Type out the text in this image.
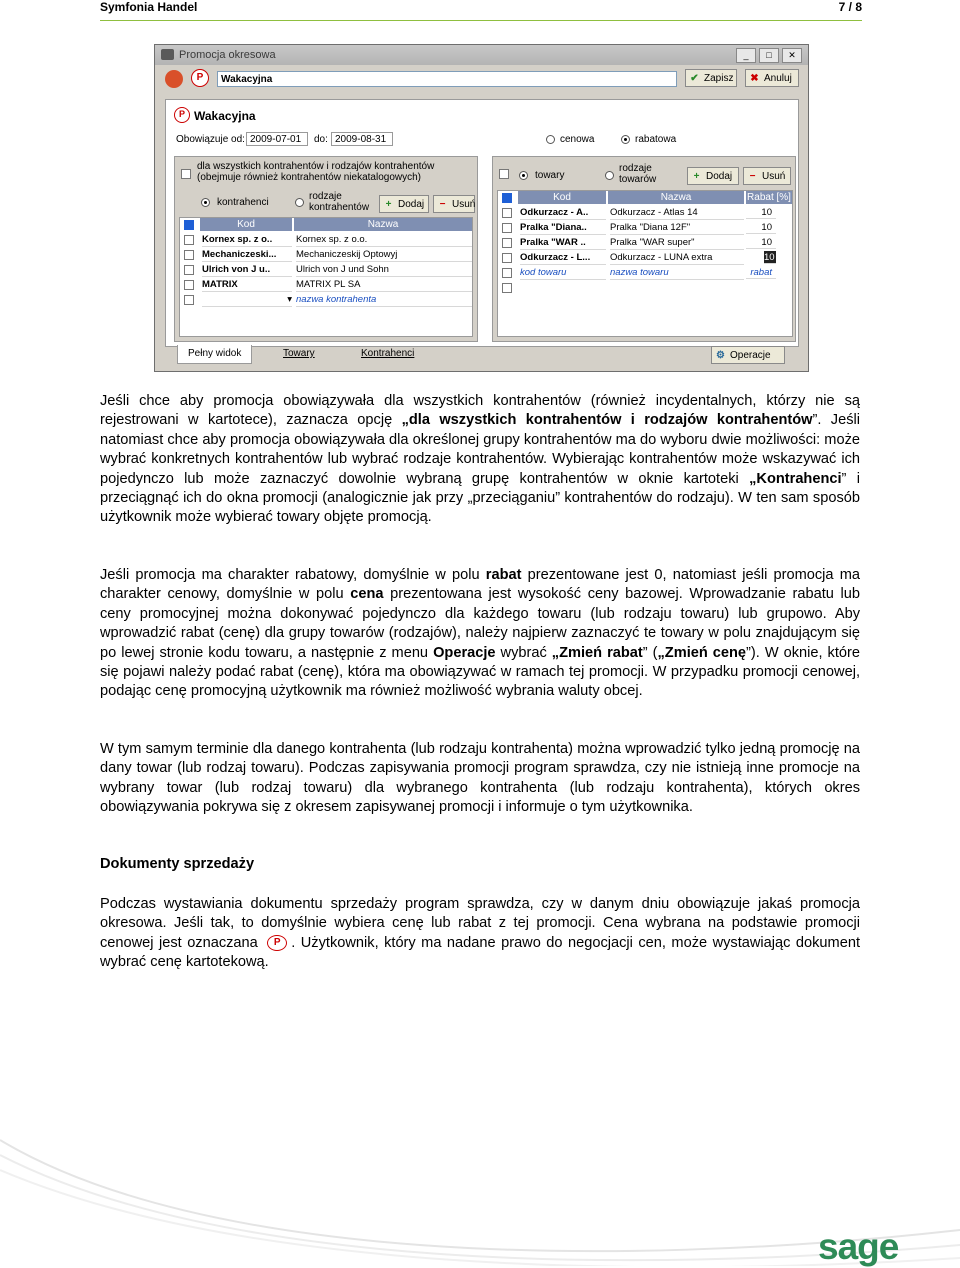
Symfonia Handel	7 / 8
Promocja okresowa	_	□	✕
P	Wakacyjna	✔ Zapisz	✖ Anuluj
P Wakacyjna
Obowiązuje od: 2009-07-01	do: 2009-08-31	cenowa	rabatowa
dla wszystkich kontrahentów i rodzajów kontrahentów
(obejmuje również kontrahentów niekatalogowych)
kontrahenci
rodzaje
kontrahentów + Dodaj	− Usuń
Kod	Nazwa
Kornex sp. z o..	Kornex sp. z o.o.
Mechaniczeski...	Mechaniczeskij Optowyj
Ulrich von J u..	Ulrich von J und Sohn
MATRIX	MATRIX PL SA
▾ nazwa kontrahenta
towary
rodzaje
towarów	+ Dodaj	− Usuń
Kod	Nazwa	Rabat [%]
Odkurzacz - A..	Odkurzacz - Atlas 14	10
Pralka "Diana..	Pralka "Diana 12F"	10
Pralka "WAR ..	Pralka "WAR super"	10
Odkurzacz - L...	Odkurzacz - LUNA extra	10
kod towaru	nazwa towaru	rabat
Pełny widok	Towary	Kontrahenci	⚙ Operacje

Jeśli chce aby promocja obowiązywała dla wszystkich kontrahentów (również incydentalnych, którzy nie są rejestrowani w kartotece), zaznacza opcję „dla wszystkich kontrahentów i rodzajów kontrahentów”. Jeśli natomiast chce aby promocja obowiązywała dla określonej grupy kontrahentów ma do wyboru dwie możliwości: może wybrać konkretnych kontrahentów lub wybrać rodzaje kontrahentów. Wybierając kontrahentów może wskazywać ich pojedynczo lub może zaznaczyć dowolnie wybraną grupę kontrahentów w oknie kartoteki „Kontrahenci” i przeciągnąć ich do okna promocji (analogicznie jak przy „przeciąganiu” kontrahentów do rodzaju). W ten sam sposób użytkownik może wybierać towary objęte promocją.

Jeśli promocja ma charakter rabatowy, domyślnie w polu rabat prezentowane jest 0, natomiast jeśli promocja ma charakter cenowy, domyślnie w polu cena prezentowana jest wysokość ceny bazowej. Wprowadzanie rabatu lub ceny promocyjnej można dokonywać pojedynczo dla każdego towaru (lub rodzaju towaru) lub grupowo. Aby wprowadzić rabat (cenę) dla grupy towarów (rodzajów), należy najpierw zaznaczyć te towary w polu znajdującym się po lewej stronie kodu towaru, a następnie z menu Operacje wybrać „Zmień rabat” („Zmień cenę”). W oknie, które się pojawi należy podać rabat (cenę), która ma obowiązywać w ramach tej promocji. W przypadku promocji cenowej, podając cenę promocyjną użytkownik ma również możliwość wybrania waluty obcej.

W tym samym terminie dla danego kontrahenta (lub rodzaju kontrahenta) można wprowadzić tylko jedną promocję na dany towar (lub rodzaj towaru). Podczas zapisywania promocji program sprawdza, czy nie istnieją inne promocje na wybrany towar (lub rodzaj towaru) dla wybranego kontrahenta (lub rodzaju kontrahenta), których okres obowiązywania pokrywa się z okresem zapisywanej promocji i informuje o tym użytkownika.

Dokumenty sprzedaży

Podczas wystawiania dokumentu sprzedaży program sprawdza, czy w danym dniu obowiązuje jakaś promocja okresowa. Jeśli tak, to domyślnie wybiera cenę lub rabat z tej promocji. Cena wybrana na podstawie promocji cenowej jest oznaczana P . Użytkownik, który ma nadane prawo do negocjacji cen, może wystawiając dokument wybrać cenę kartotekową.

sage
